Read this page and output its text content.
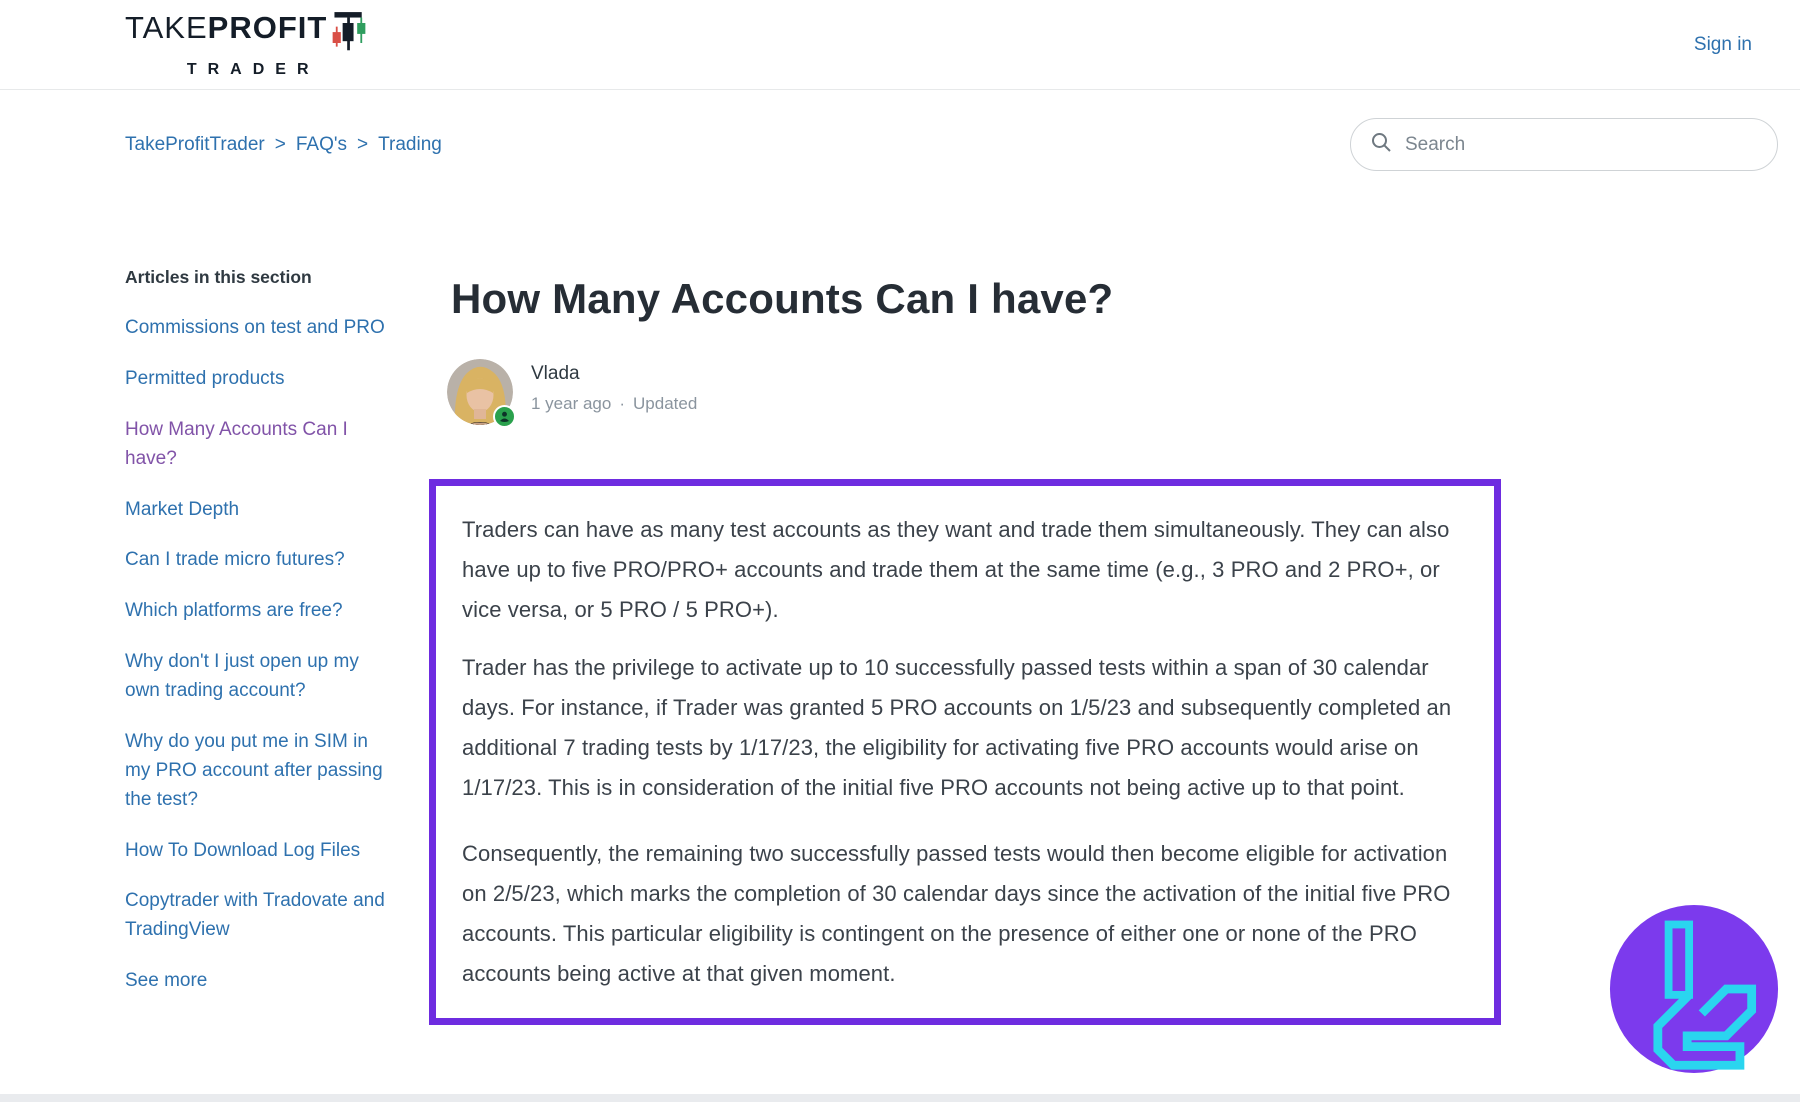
TAKE PROFIT
TRADER
Sign in
TakeProfitTrader > FAQ's > Trading
Search
Articles in this section
Commissions on test and PRO
Permitted products
How Many Accounts Can I have?
Market Depth
Can I trade micro futures?
Which platforms are free?
Why don't I just open up my own trading account?
Why do you put me in SIM in my PRO account after passing the test?
How To Download Log Files
Copytrader with Tradovate and TradingView
See more
How Many Accounts Can I have?
Vlada
1 year ago · Updated

Traders can have as many test accounts as they want and trade them simultaneously. They can also have up to five PRO/PRO+ accounts and trade them at the same time (e.g., 3 PRO and 2 PRO+, or vice versa, or 5 PRO / 5 PRO+).

Trader has the privilege to activate up to 10 successfully passed tests within a span of 30 calendar days. For instance, if Trader was granted 5 PRO accounts on 1/5/23 and subsequently completed an additional 7 trading tests by 1/17/23, the eligibility for activating five PRO accounts would arise on 1/17/23. This is in consideration of the initial five PRO accounts not being active up to that point.

Consequently, the remaining two successfully passed tests would then become eligible for activation on 2/5/23, which marks the completion of 30 calendar days since the activation of the initial five PRO accounts. This particular eligibility is contingent on the presence of either one or none of the PRO accounts being active at that given moment.
